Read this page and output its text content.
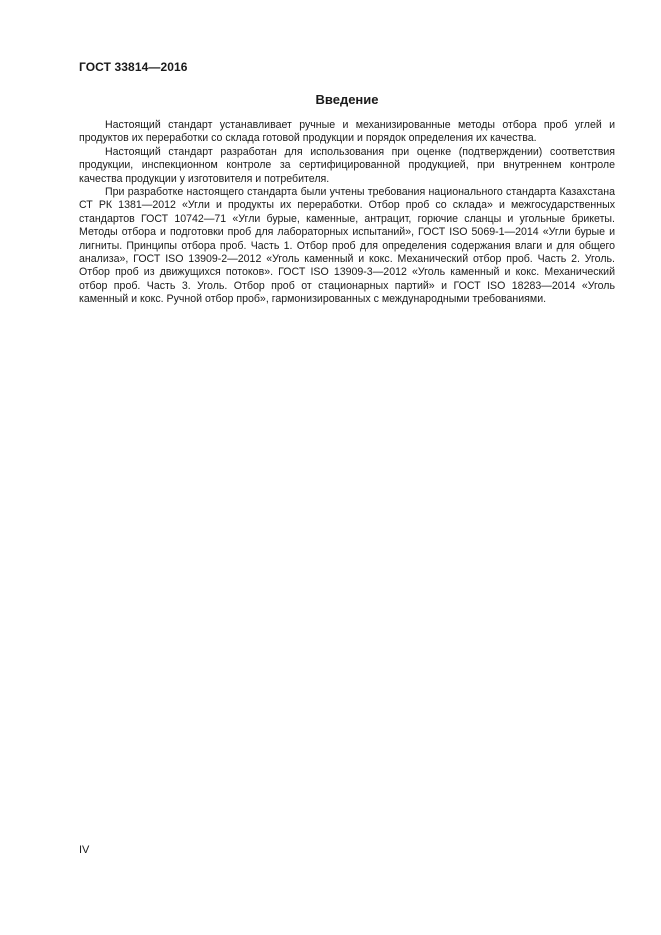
ГОСТ 33814—2016
Введение

Настоящий стандарт устанавливает ручные и механизированные методы отбора проб углей и продуктов их переработки со склада готовой продукции и порядок определения их качества.

Настоящий стандарт разработан для использования при оценке (подтверждении) соответствия продукции, инспекционном контроле за сертифицированной продукцией, при внутреннем контроле качества продукции у изготовителя и потребителя.

При разработке настоящего стандарта были учтены требования национального стандарта Казахстана СТ РК 1381—2012 «Угли и продукты их переработки. Отбор проб со склада» и межгосударственных стандартов ГОСТ 10742—71 «Угли бурые, каменные, антрацит, горючие сланцы и угольные брикеты. Методы отбора и подготовки проб для лабораторных испытаний», ГОСТ ISO 5069-1—2014 «Угли бурые и лигниты. Принципы отбора проб. Часть 1. Отбор проб для определения содержания влаги и для общего анализа», ГОСТ ISO 13909-2—2012 «Уголь каменный и кокс. Механический отбор проб. Часть 2. Уголь. Отбор проб из движущихся потоков». ГОСТ ISO 13909-3—2012 «Уголь каменный и кокс. Механический отбор проб. Часть 3. Уголь. Отбор проб от стационарных партий» и ГОСТ ISO 18283—2014 «Уголь каменный и кокс. Ручной отбор проб», гармонизированных с международными требованиями.

IV
